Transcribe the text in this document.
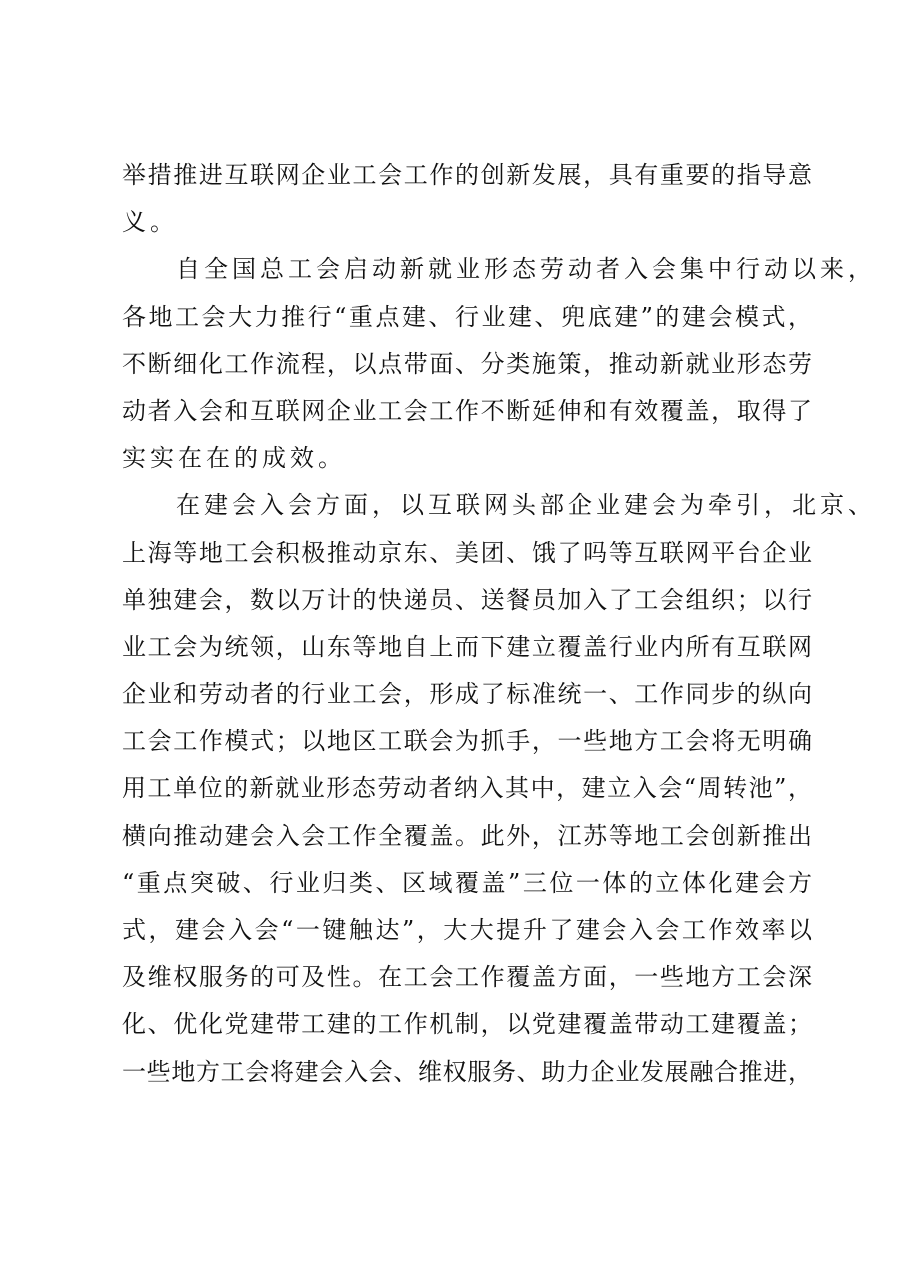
举措推进互联网企业工会工作的创新发展，具有重要的指导意
义。
自全国总工会启动新就业形态劳动者入会集中行动以来，
各地工会大力推行“重点建、行业建、兜底建”的建会模式，
不断细化工作流程，以点带面、分类施策，推动新就业形态劳
动者入会和互联网企业工会工作不断延伸和有效覆盖，取得了
实实在在的成效。
在建会入会方面，以互联网头部企业建会为牵引，北京、
上海等地工会积极推动京东、美团、饿了吗等互联网平台企业
单独建会，数以万计的快递员、送餐员加入了工会组织；以行
业工会为统领，山东等地自上而下建立覆盖行业内所有互联网
企业和劳动者的行业工会，形成了标准统一、工作同步的纵向
工会工作模式；以地区工联会为抓手，一些地方工会将无明确
用工单位的新就业形态劳动者纳入其中，建立入会“周转池”，
横向推动建会入会工作全覆盖。此外，江苏等地工会创新推出
“重点突破、行业归类、区域覆盖”三位一体的立体化建会方
式，建会入会“一键触达”，大大提升了建会入会工作效率以
及维权服务的可及性。在工会工作覆盖方面，一些地方工会深
化、优化党建带工建的工作机制，以党建覆盖带动工建覆盖；
一些地方工会将建会入会、维权服务、助力企业发展融合推进，
